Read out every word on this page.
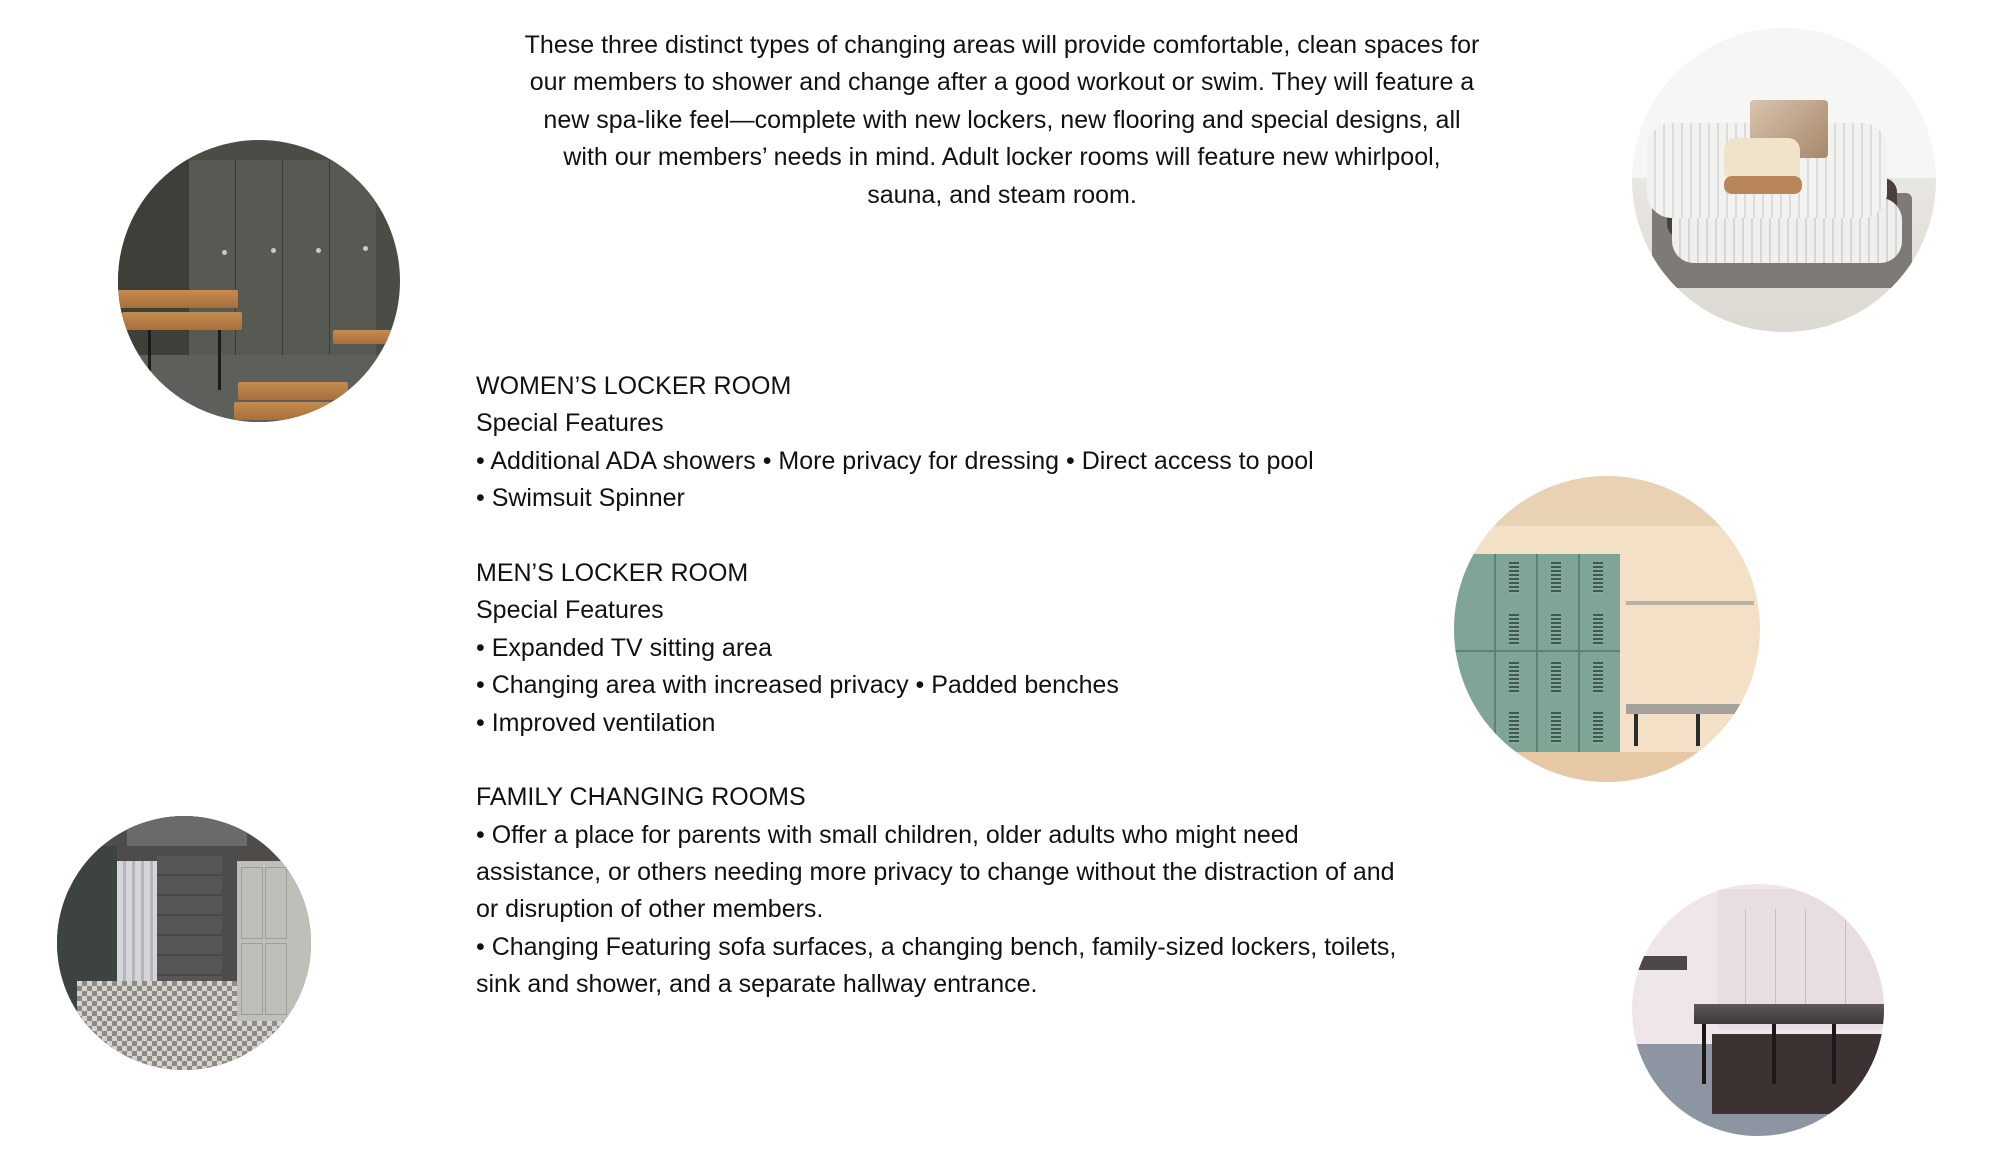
These three distinct types of changing areas will provide comfortable, clean spaces for
our members to shower and change after a good workout or swim. They will feature a
new spa-like feel—complete with new lockers, new flooring and special designs, all
with our members’ needs in mind. Adult locker rooms will feature new whirlpool,
sauna, and steam room.
WOMEN’S LOCKER ROOM
Special Features
• Additional ADA showers • More privacy for dressing • Direct access to pool
• Swimsuit Spinner
MEN’S LOCKER ROOM
Special Features
• Expanded TV sitting area
• Changing area with increased privacy • Padded benches
• Improved ventilation
FAMILY CHANGING ROOMS
• Offer a place for parents with small children, older adults who might need
assistance, or others needing more privacy to change without the distraction of and
or disruption of other members.
• Changing Featuring sofa surfaces, a changing bench, family-sized lockers, toilets,
sink and shower, and a separate hallway entrance.
